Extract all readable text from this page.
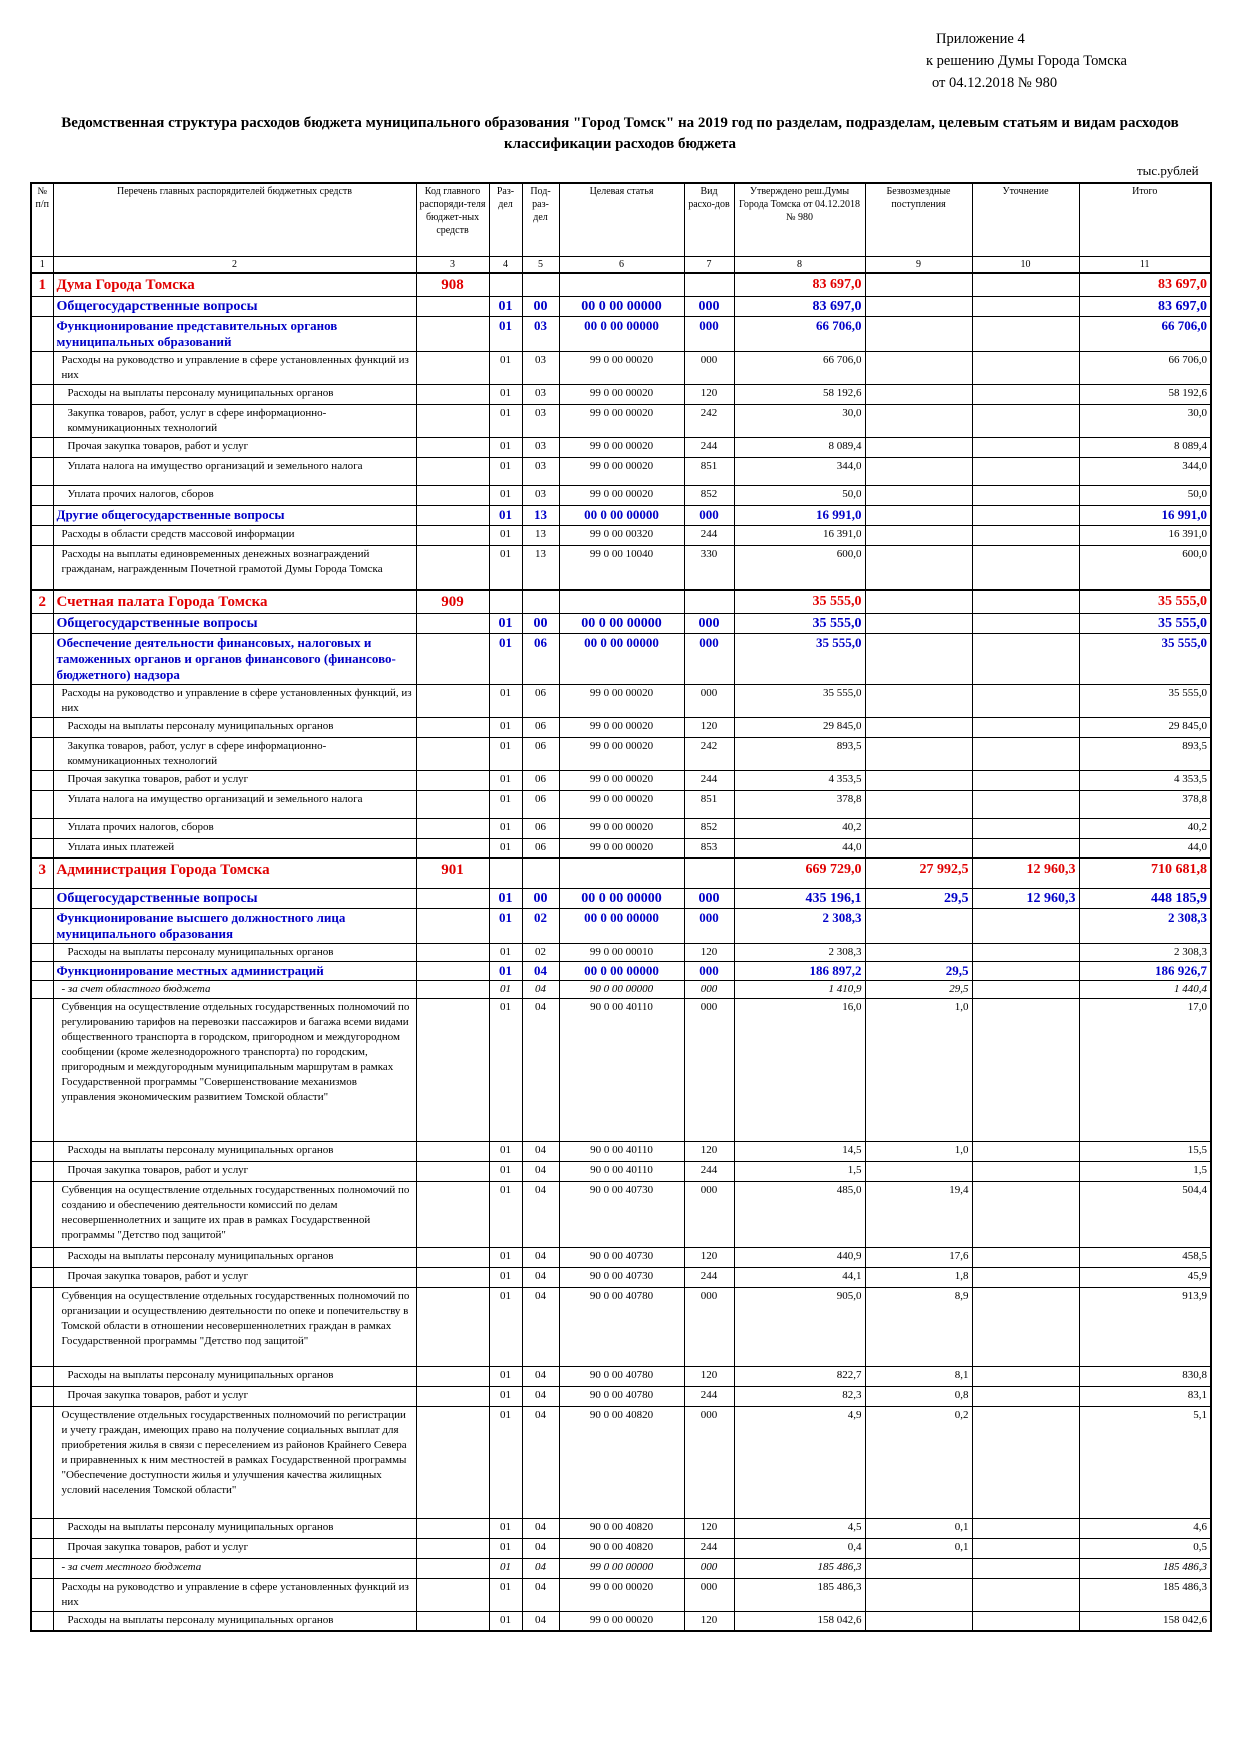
Приложение 4
к решению Думы Города Томска
от 04.12.2018 № 980
Ведомственная структура расходов бюджета муниципального образования "Город Томск" на 2019 год по разделам, подразделам, целевым статьям и видам расходов классификации расходов бюджета
тыс.рублей
№ п/п	Перечень главных распорядителей бюджетных средств	Код главного распоряди-теля бюджет-ных средств	Раз-дел	Под-раз-дел	Целевая статья	Вид расхо-дов	Утверждено реш.Думы Города Томска от 04.12.2018 № 980	Безвозмездные поступления	Уточнение	Итого
1	2	3	4	5	6	7	8	9	10	11
1	Дума Города Томска	908					83 697,0			83 697,0
	Общегосударственные вопросы		01	00	00 0 00 00000	000	83 697,0			83 697,0
	Функционирование представительных органов муниципальных образований		01	03	00 0 00 00000	000	66 706,0			66 706,0
	Расходы на руководство и управление в сфере установленных функций из них		01	03	99 0 00 00020	000	66 706,0			66 706,0
	Расходы на выплаты персоналу муниципальных органов		01	03	99 0 00 00020	120	58 192,6			58 192,6
	Закупка товаров, работ, услуг в сфере информационно-коммуникационных технологий		01	03	99 0 00 00020	242	30,0			30,0
	Прочая закупка товаров, работ и услуг		01	03	99 0 00 00020	244	8 089,4			8 089,4
	Уплата налога на имущество организаций и земельного налога		01	03	99 0 00 00020	851	344,0			344,0
	Уплата прочих налогов, сборов		01	03	99 0 00 00020	852	50,0			50,0
	Другие общегосударственные вопросы		01	13	00 0 00 00000	000	16 991,0			16 991,0
	Расходы в области средств массовой информации		01	13	99 0 00 00320	244	16 391,0			16 391,0
	Расходы на выплаты единовременных денежных вознаграждений гражданам, награжденным Почетной грамотой Думы Города Томска		01	13	99 0 00 10040	330	600,0			600,0
2	Счетная палата Города Томска	909					35 555,0			35 555,0
	Общегосударственные вопросы		01	00	00 0 00 00000	000	35 555,0			35 555,0
	Обеспечение деятельности финансовых, налоговых и таможенных органов и органов финансового (финансово-бюджетного) надзора		01	06	00 0 00 00000	000	35 555,0			35 555,0
	Расходы на руководство и управление в сфере установленных функций, из них		01	06	99 0 00 00020	000	35 555,0			35 555,0
	Расходы на выплаты персоналу муниципальных органов		01	06	99 0 00 00020	120	29 845,0			29 845,0
	Закупка товаров, работ, услуг в сфере информационно-коммуникационных технологий		01	06	99 0 00 00020	242	893,5			893,5
	Прочая закупка товаров, работ и услуг		01	06	99 0 00 00020	244	4 353,5			4 353,5
	Уплата налога на имущество организаций и земельного налога		01	06	99 0 00 00020	851	378,8			378,8
	Уплата прочих налогов, сборов		01	06	99 0 00 00020	852	40,2			40,2
	Уплата иных платежей		01	06	99 0 00 00020	853	44,0			44,0
3	Администрация Города Томска	901					669 729,0	27 992,5	12 960,3	710 681,8
	Общегосударственные вопросы		01	00	00 0 00 00000	000	435 196,1	29,5	12 960,3	448 185,9
	Функционирование высшего должностного лица муниципального образования		01	02	00 0 00 00000	000	2 308,3			2 308,3
	Расходы на выплаты персоналу муниципальных органов		01	02	99 0 00 00010	120	2 308,3			2 308,3
	Функционирование местных администраций		01	04	00 0 00 00000	000	186 897,2	29,5		186 926,7
	- за счет областного бюджета		01	04	90 0 00 00000	000	1 410,9	29,5		1 440,4
	Субвенция на осуществление отдельных государственных полномочий по регулированию тарифов на перевозки пассажиров и багажа всеми видами общественного транспорта в городском, пригородном и междугородном сообщении (кроме железнодорожного транспорта) по городским, пригородным и междугородным муниципальным маршрутам в рамках Государственной программы "Совершенствование механизмов управления экономическим развитием Томской области"		01	04	90 0 00 40110	000	16,0	1,0		17,0
	Расходы на выплаты персоналу муниципальных органов		01	04	90 0 00 40110	120	14,5	1,0		15,5
	Прочая закупка товаров, работ и услуг		01	04	90 0 00 40110	244	1,5			1,5
	Субвенция на осуществление отдельных государственных полномочий по созданию и обеспечению деятельности комиссий по делам несовершеннолетних и защите их прав в рамках Государственной программы "Детство под защитой"		01	04	90 0 00 40730	000	485,0	19,4		504,4
	Расходы на выплаты персоналу муниципальных органов		01	04	90 0 00 40730	120	440,9	17,6		458,5
	Прочая закупка товаров, работ и услуг		01	04	90 0 00 40730	244	44,1	1,8		45,9
	Субвенция на осуществление отдельных государственных полномочий по организации и осуществлению деятельности по опеке и попечительству в Томской области в отношении несовершеннолетних граждан в рамках Государственной программы "Детство под защитой"		01	04	90 0 00 40780	000	905,0	8,9		913,9
	Расходы на выплаты персоналу муниципальных органов		01	04	90 0 00 40780	120	822,7	8,1		830,8
	Прочая закупка товаров, работ и услуг		01	04	90 0 00 40780	244	82,3	0,8		83,1
	Осуществление отдельных государственных полномочий по регистрации и учету граждан, имеющих право на получение социальных выплат для приобретения жилья в связи с переселением из районов Крайнего Севера и приравненных к ним местностей в рамках Государственной программы "Обеспечение доступности жилья и улучшения качества жилищных условий населения Томской области"		01	04	90 0 00 40820	000	4,9	0,2		5,1
	Расходы на выплаты персоналу муниципальных органов		01	04	90 0 00 40820	120	4,5	0,1		4,6
	Прочая закупка товаров, работ и услуг		01	04	90 0 00 40820	244	0,4	0,1		0,5
	- за счет местного бюджета		01	04	99 0 00 00000	000	185 486,3			185 486,3
	Расходы на руководство и управление в сфере установленных функций из них		01	04	99 0 00 00020	000	185 486,3			185 486,3
	Расходы на выплаты персоналу муниципальных органов		01	04	99 0 00 00020	120	158 042,6			158 042,6
